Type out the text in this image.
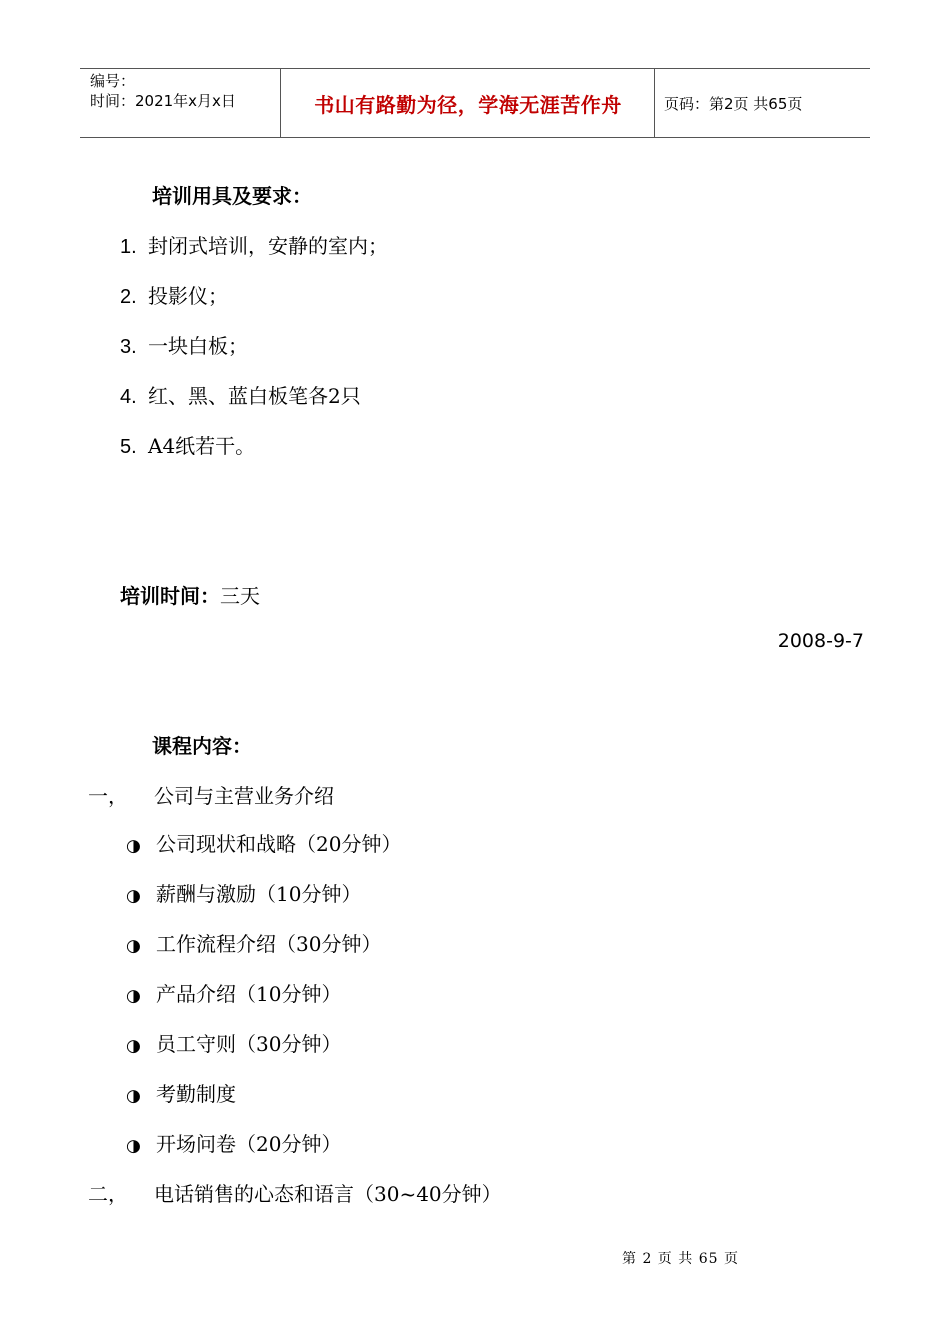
编号：
时间：2021年x月x日	书山有路勤为径，学海无涯苦作舟	页码：第2页 共65页
培训用具及要求：
1. 封闭式培训，安静的室内；
2. 投影仪；
3. 一块白板；
4. 红、黑、蓝白板笔各2只
5. A4纸若干。
培训时间：三天
2008-9-7
课程内容：
一， 公司与主营业务介绍
◑ 公司现状和战略（20分钟）
◑ 薪酬与激励（10分钟）
◑ 工作流程介绍（30分钟）
◑ 产品介绍（10分钟）
◑ 员工守则（30分钟）
◑ 考勤制度
◑ 开场问卷（20分钟）
二， 电话销售的心态和语言（30~40分钟）
第 2 页 共 65 页
